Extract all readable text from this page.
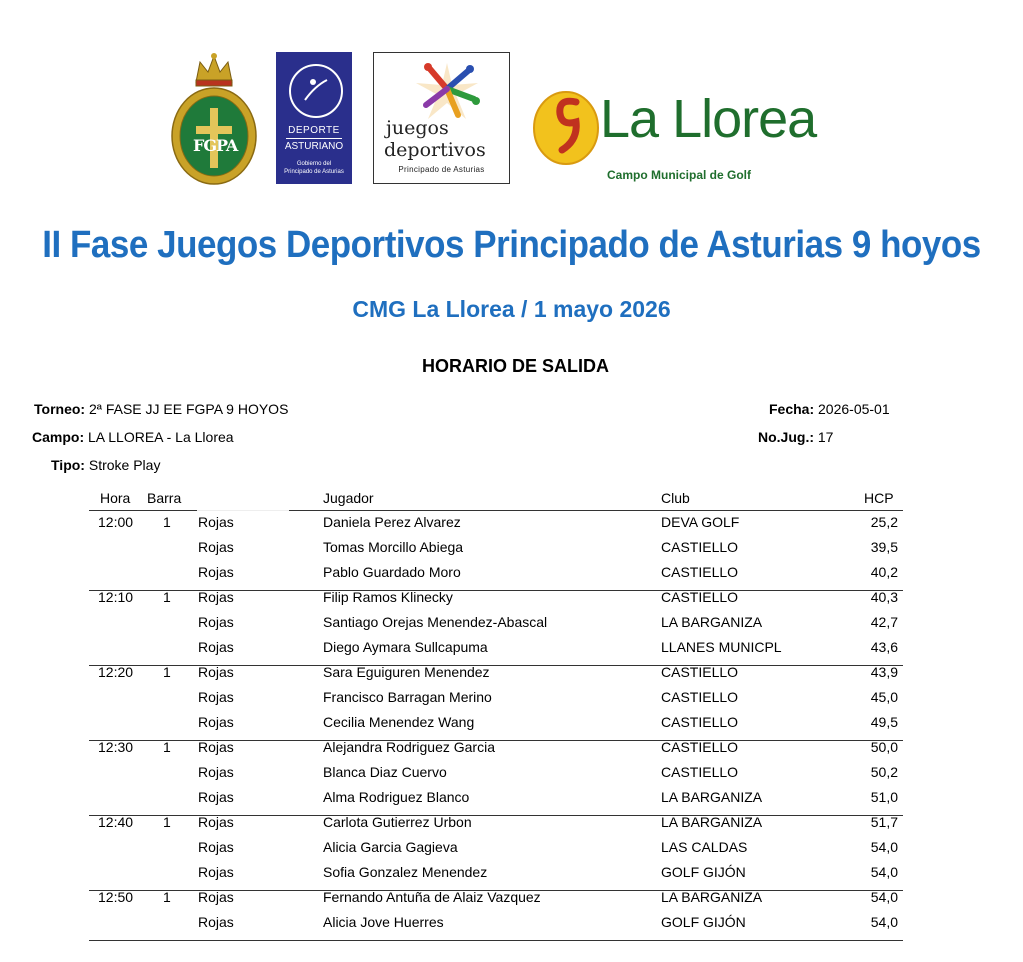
FGPA
DEPORTE
ASTURIANO
Gobierno del
Principado de Asturias
juegos
deportivos
Principado de Asturias
La Llorea
Campo Municipal de Golf
II Fase Juegos Deportivos Principado de Asturias 9 hoyos
CMG La Llorea / 1 mayo 2026
HORARIO DE SALIDA
Torneo: 2ª FASE JJ EE FGPA 9 HOYOS
Campo: LA LLOREA - La Llorea
Tipo: Stroke Play
Fecha: 2026-05-01
No.Jug.: 17
Hora Barra	Jugador	Club	HCP
12:00 1 Rojas	Daniela Perez Alvarez	DEVA GOLF	25,2
Rojas	Tomas Morcillo Abiega	CASTIELLO	39,5
Rojas	Pablo Guardado Moro	CASTIELLO	40,2
12:10 1 Rojas	Filip Ramos Klinecky	CASTIELLO	40,3
Rojas	Santiago Orejas Menendez-Abascal	LA BARGANIZA	42,7
Rojas	Diego Aymara Sullcapuma	LLANES MUNICPL	43,6
12:20 1 Rojas	Sara Eguiguren Menendez	CASTIELLO	43,9
Rojas	Francisco Barragan Merino	CASTIELLO	45,0
Rojas	Cecilia Menendez Wang	CASTIELLO	49,5
12:30 1 Rojas	Alejandra Rodriguez Garcia	CASTIELLO	50,0
Rojas	Blanca Diaz Cuervo	CASTIELLO	50,2
Rojas	Alma Rodriguez Blanco	LA BARGANIZA	51,0
12:40 1 Rojas	Carlota Gutierrez Urbon	LA BARGANIZA	51,7
Rojas	Alicia Garcia Gagieva	LAS CALDAS	54,0
Rojas	Sofia Gonzalez Menendez	GOLF GIJÓN	54,0
12:50 1 Rojas	Fernando Antuña de Alaiz Vazquez	LA BARGANIZA	54,0
Rojas	Alicia Jove Huerres	GOLF GIJÓN	54,0
